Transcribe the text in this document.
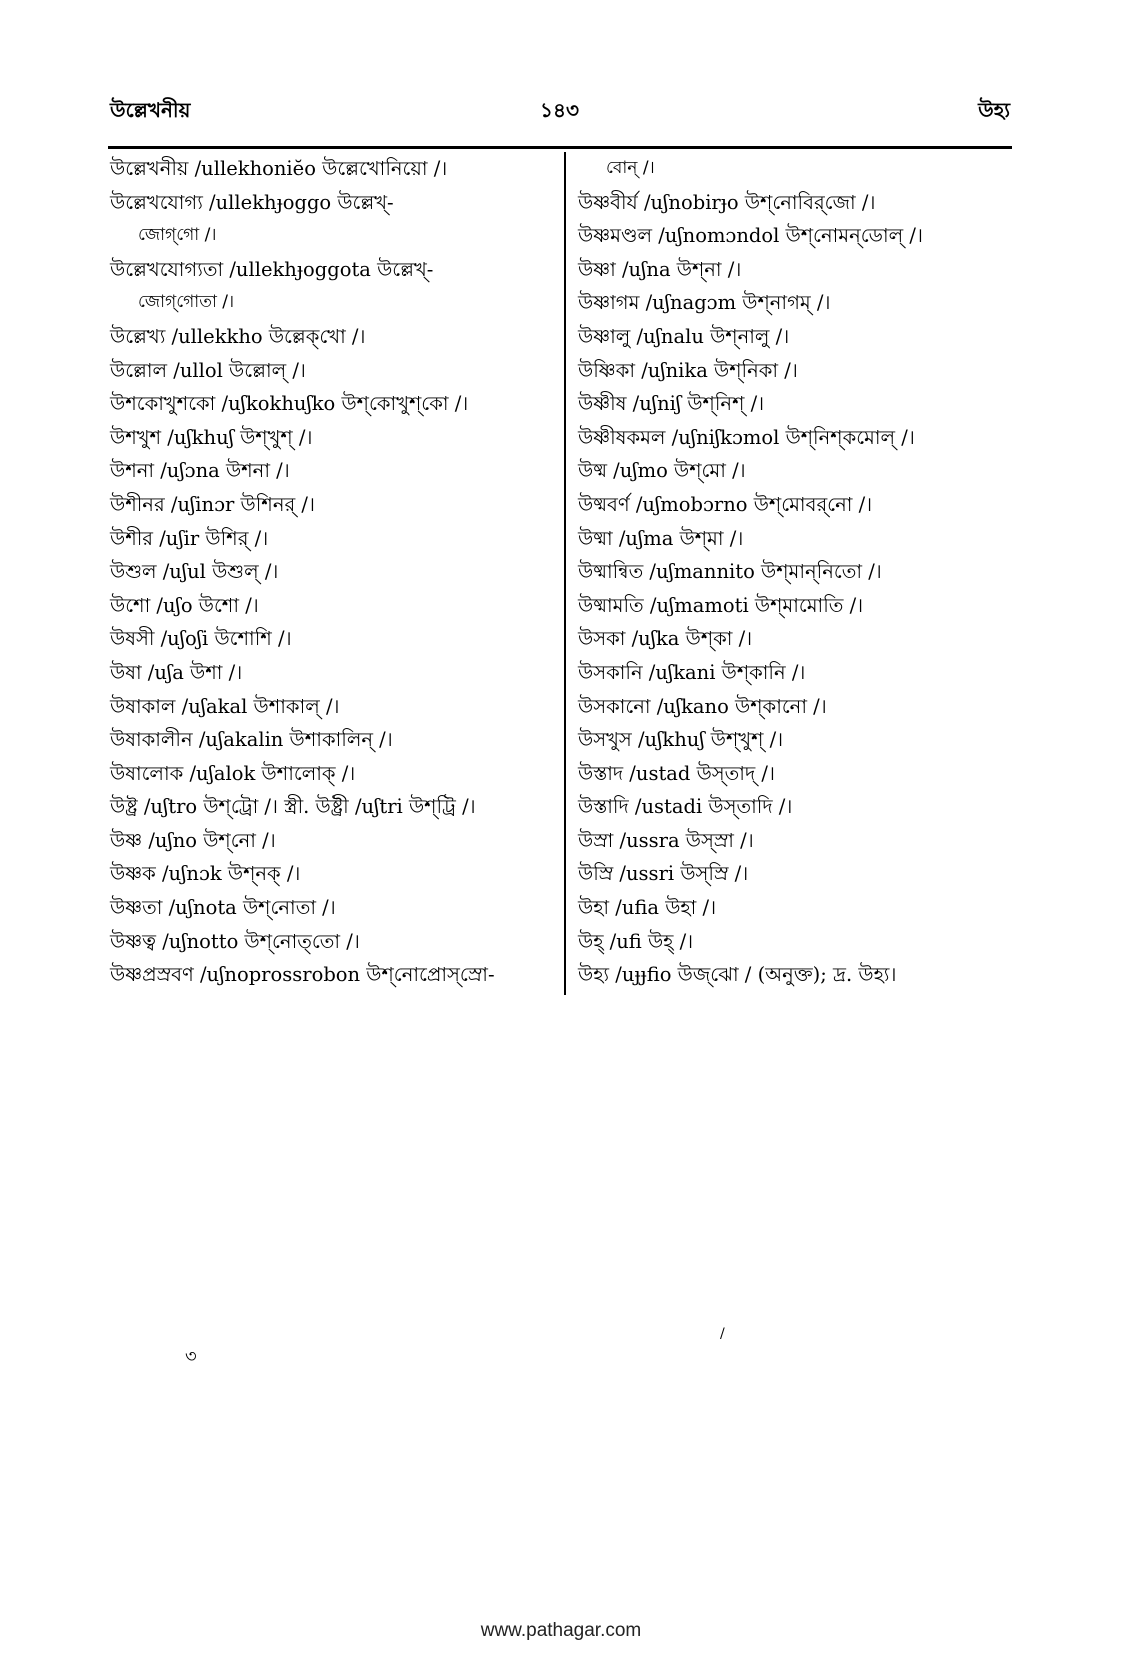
উল্লেখনীয়	১৪৩	উহ্য
উল্লেখনীয় /ullekhoniĕo উল্লেখোনিয়ো /।
উল্লেখযোগ্য /ullekhɟoggo উল্লেখ্-
জোগ্‌গো /।
উল্লেখযোগ্যতা /ullekhɟoggota উল্লেখ্-
জোগ্‌গোতা /।
উল্লেখ্য /ullekkho উল্লেক্‌খো /।
উল্লোল /ullol উল্লোল্ /।
উশকোখুশকো /uʃkokhuʃko উশ্‌কোখুশ্‌কো /।
উশখুশ /uʃkhuʃ উশ্‌খুশ্ /।
উশনা /uʃɔna উশনা /।
উশীনর /uʃinɔr উশিনর্ /।
উশীর /uʃir উশির্ /।
উশুল /uʃul উশুল্ /।
উশো /uʃo উশো /।
উষসী /uʃoʃi উশোশি /।
উষা /uʃa উশা /।
উষাকাল /uʃakal উশাকাল্ /।
উষাকালীন /uʃakalin উশাকালিন্ /।
উষালোক /uʃalok উশালোক্ /।
উষ্ট্র /uʃtro উশ্‌ট্রো /। স্ত্রী. উষ্ট্রী /uʃtri উশ্‌ট্রি /।
উষ্ণ /uʃno উশ্‌নো /।
উষ্ণক /uʃnɔk উশ্‌নক্ /।
উষ্ণতা /uʃnota উশ্‌নোতা /।
উষ্ণত্ব /uʃnotto উশ্‌নোত্‌তো /।
উষ্ণপ্রস্রবণ /uʃnoprossrobon উশ্‌নোপ্রোস্‌স্রো-
বোন্ /।
উষ্ণবীর্য /uʃnobirɟo উশ্‌নোবির্‌জো /।
উষ্ণমণ্ডল /uʃnomɔndol উশ্‌নোমন্‌ডোল্ /।
উষ্ণা /uʃna উশ্‌না /।
উষ্ণাগম /uʃnagɔm উশ্‌নাগম্ /।
উষ্ণালু /uʃnalu উশ্‌নালু /।
উষ্ণিকা /uʃnika উশ্‌নিকা /।
উষ্ণীষ /uʃniʃ উশ্‌নিশ্ /।
উষ্ণীষকমল /uʃniʃkɔmol উশ্‌নিশ্‌কমোল্ /।
উষ্ম /uʃmo উশ্‌মো /।
উষ্মবর্ণ /uʃmobɔrno উশ্‌মোবর্‌নো /।
উষ্মা /uʃma উশ্‌মা /।
উষ্মান্বিত /uʃmannito উশ্‌মান্‌নিতো /।
উষ্মামতি /uʃmamoti উশ্‌মামোতি /।
উসকা /uʃka উশ্‌কা /।
উসকানি /uʃkani উশ্‌কানি /।
উসকানো /uʃkano উশ্‌কানো /।
উসখুস /uʃkhuʃ উশ্‌খুশ্ /।
উস্তাদ /ustad উস্‌তাদ্ /।
উস্তাদি /ustadi উস্‌তাদি /।
উস্রা /ussra উস্‌স্রা /।
উস্রি /ussri উস্‌স্রি /।
উহা /ufia উহা /।
উহ্ /ufi উহ্ /।
উহ্য /uɟɟfio উজ্‌ঝো / (অনুক্ত); দ্র. উহ্য।
৩
/
www.pathagar.com
